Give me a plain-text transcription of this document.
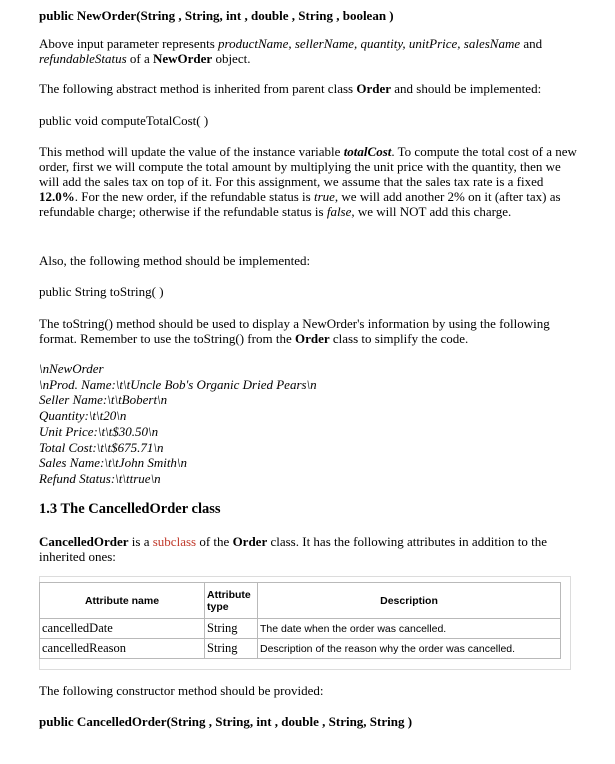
public NewOrder(String , String, int , double , String , boolean )
Above input parameter represents productName, sellerName, quantity, unitPrice, salesName and refundableStatus of a NewOrder object.
The following abstract method is inherited from parent class Order and should be implemented:
public void computeTotalCost( )
This method will update the value of the instance variable totalCost. To compute the total cost of a new order, first we will compute the total amount by multiplying the unit price with the quantity, then we will add the sales tax on top of it. For this assignment, we assume that the sales tax rate is a fixed 12.0%. For the new order, if the refundable status is true, we will add another 2% on it (after tax) as refundable charge; otherwise if the refundable status is false, we will NOT add this charge.
Also, the following method should be implemented:
public String toString( )
The toString() method should be used to display a NewOrder's information by using the following format. Remember to use the toString() from the Order class to simplify the code.
\nNewOrder
\nProd. Name:\t\tUncle Bob's Organic Dried Pears\n
Seller Name:\t\tBobert\n
Quantity:\t\t20\n
Unit Price:\t\t$30.50\n
Total Cost:\t\t$675.71\n
Sales Name:\t\tJohn Smith\n
Refund Status:\t\ttrue\n
1.3 The CancelledOrder class
CancelledOrder is a subclass of the Order class. It has the following attributes in addition to the inherited ones:
Attribute name	Attribute type	Description
cancelledDate	String	The date when the order was cancelled.
cancelledReason	String	Description of the reason why the order was cancelled.
The following constructor method should be provided:
public CancelledOrder(String , String, int , double , String, String )
